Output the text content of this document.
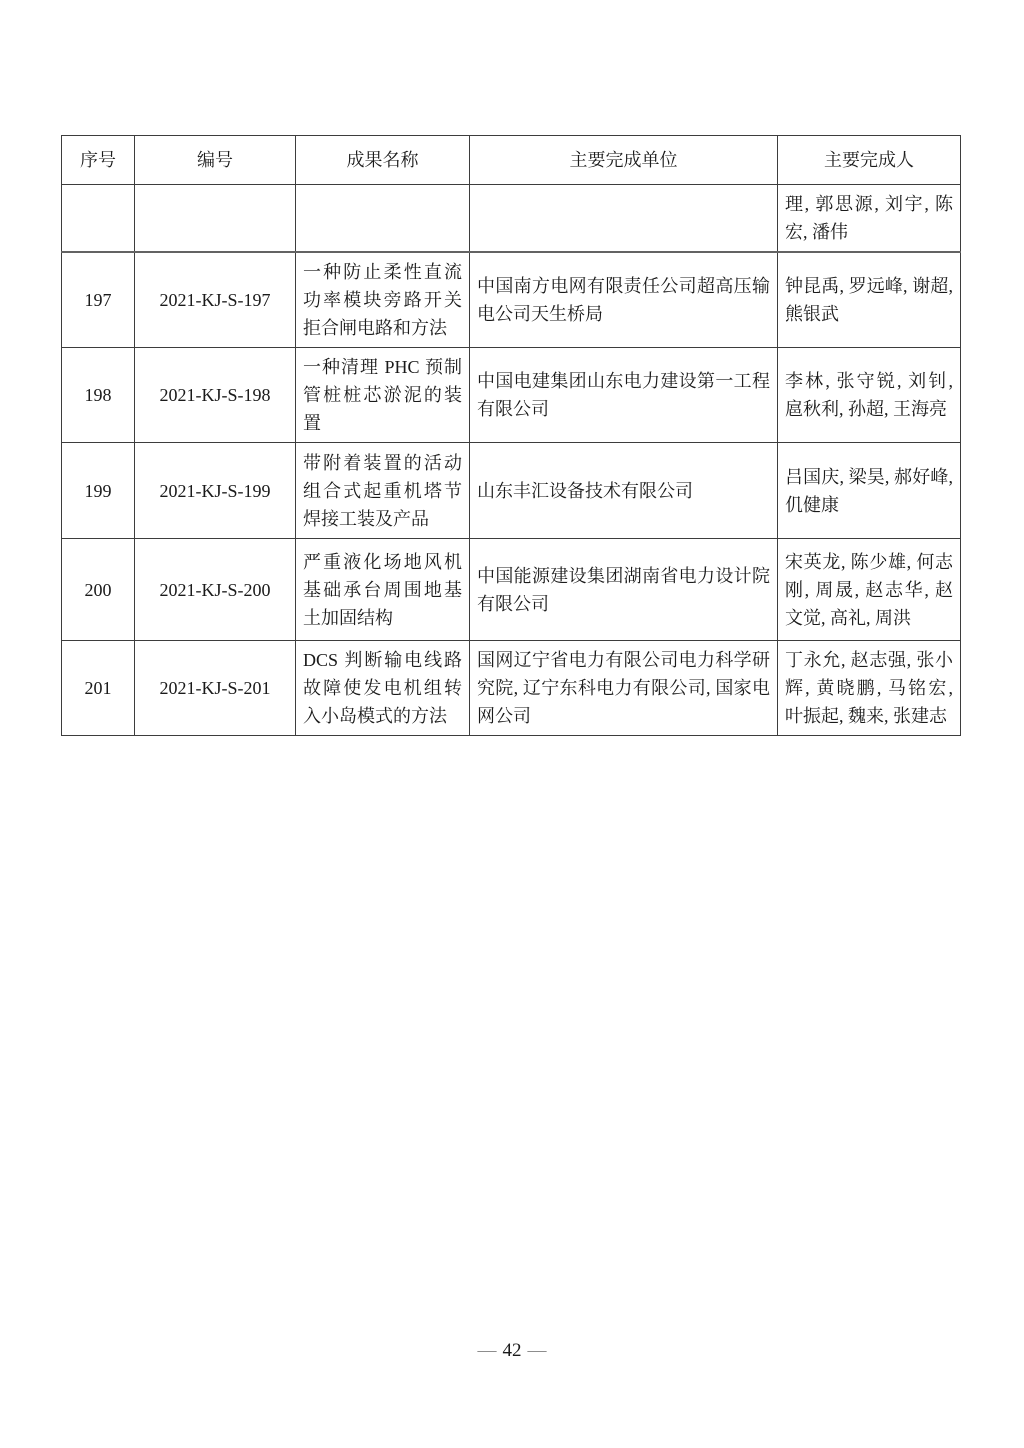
序号	编号	成果名称	主要完成单位	主要完成人
				理, 郭思源, 刘宇, 陈宏, 潘伟
197	2021-KJ-S-197	一种防止柔性直流功率模块旁路开关拒合闸电路和方法	中国南方电网有限责任公司超高压输电公司天生桥局	钟昆禹, 罗远峰, 谢超, 熊银武
198	2021-KJ-S-198	一种清理 PHC 预制管桩桩芯淤泥的装置	中国电建集团山东电力建设第一工程有限公司	李林, 张守锐, 刘钊, 扈秋利, 孙超, 王海亮
199	2021-KJ-S-199	带附着装置的活动组合式起重机塔节焊接工装及产品	山东丰汇设备技术有限公司	吕国庆, 梁昊, 郝好峰, 仉健康
200	2021-KJ-S-200	严重液化场地风机基础承台周围地基土加固结构	中国能源建设集团湖南省电力设计院有限公司	宋英龙, 陈少雄, 何志刚, 周晟, 赵志华, 赵文觉, 高礼, 周洪
201	2021-KJ-S-201	DCS 判断输电线路故障使发电机组转入小岛模式的方法	国网辽宁省电力有限公司电力科学研究院, 辽宁东科电力有限公司, 国家电网公司	丁永允, 赵志强, 张小辉, 黄晓鹏, 马铭宏, 叶振起, 魏来, 张建志
— 42 —
